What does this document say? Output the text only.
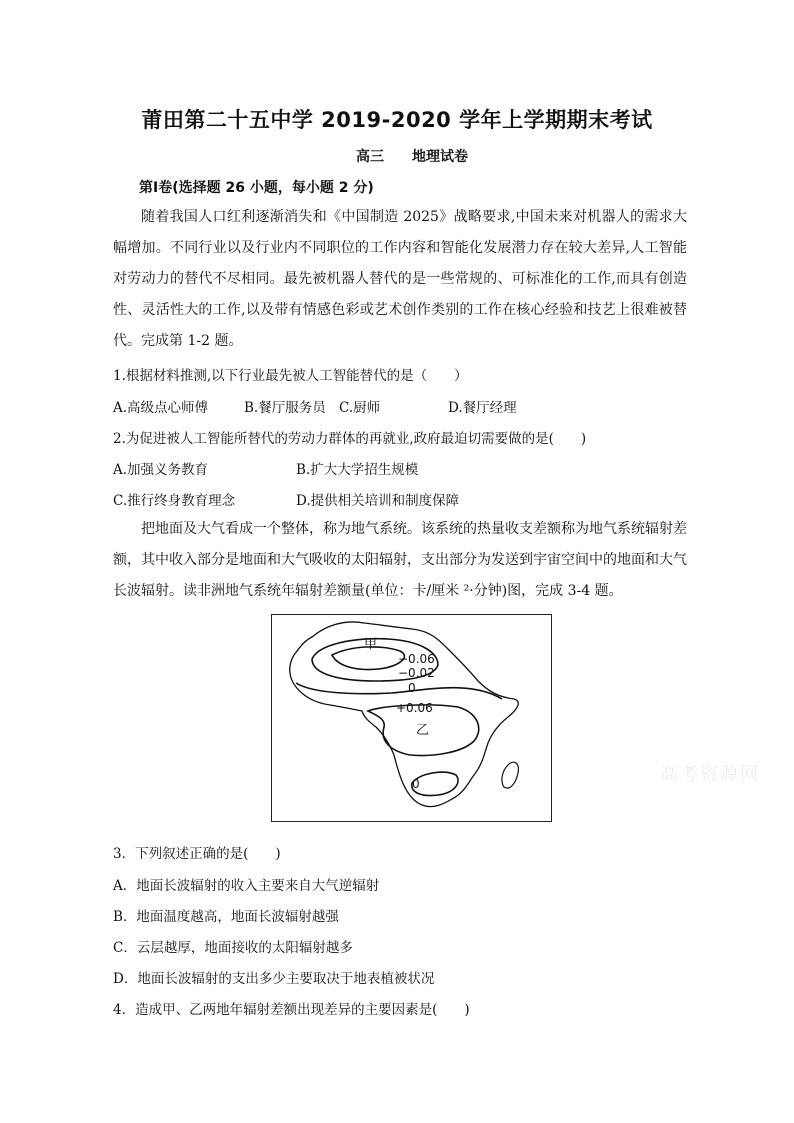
莆田第二十五中学 2019-2020 学年上学期期末考试
高三　　地理试卷
第Ⅰ卷(选择题 26 小题，每小题 2 分)

随着我国人口红利逐渐消失和《中国制造 2025》战略要求,中国未来对机器人的需求大幅增加。不同行业以及行业内不同职位的工作内容和智能化发展潜力存在较大差异,人工智能对劳动力的替代不尽相同。最先被机器人替代的是一些常规的、可标准化的工作,而具有创造性、灵活性大的工作,以及带有情感色彩或艺术创作类别的工作在核心经验和技艺上很难被替代。完成第 1-2 题。

1.根据材料推测,以下行业最先被人工智能替代的是（　　）

A.高级点心师傅	B.餐厅服务员 C.厨师	D.餐厅经理

2.为促进被人工智能所替代的劳动力群体的再就业,政府最迫切需要做的是(　　)

A.加强义务教育	B.扩大大学招生规模
C.推行终身教育理念	D.提供相关培训和制度保障

把地面及大气看成一个整体，称为地气系统。该系统的热量收支差额称为地气系统辐射差额，其中收入部分是地面和大气吸收的太阳辐射，支出部分为发送到宇宙空间中的地面和大气长波辐射。读非洲地气系统年辐射差额量(单位：卡/厘米 ²·分钟)图，完成 3-4 题。

甲
−0.06
−0.02
0
+0.06
乙
0	高考资源网

3．下列叙述正确的是(　　)

A．地面长波辐射的收入主要来自大气逆辐射

B．地面温度越高，地面长波辐射越强

C．云层越厚，地面接收的太阳辐射越多

D．地面长波辐射的支出多少主要取决于地表植被状况

4．造成甲、乙两地年辐射差额出现差异的主要因素是(　　)
